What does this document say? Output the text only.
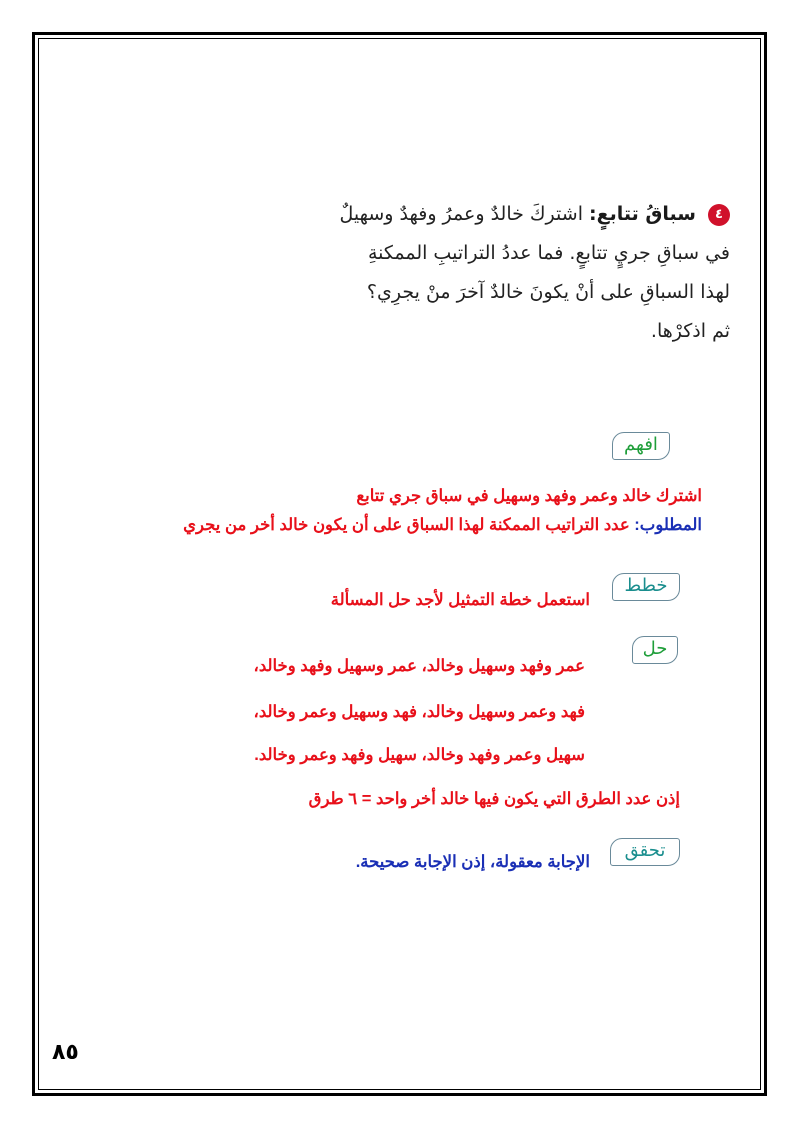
٤ سباقُ تتابعٍ: اشتركَ خالدٌ وعمرُ وفهدٌ وسهيلٌ

في سباقِ جريٍ تتابعٍ. فما عددُ التراتيبِ الممكنةِ

لهذا السباقِ على أنْ يكونَ خالدٌ آخرَ منْ يجرِي؟

ثم اذكرْها.

افهم
اشترك خالد وعمر وفهد وسهيل في سباق جري تتابع
المطلوب: عدد التراتيب الممكنة لهذا السباق على أن يكون خالد أخر من يجري
خطط
استعمل خطة التمثيل لأجد حل المسألة
حل
عمر وفهد وسهيل وخالد، عمر وسهيل وفهد وخالد،
فهد وعمر وسهيل وخالد، فهد وسهيل وعمر وخالد،
سهيل وعمر وفهد وخالد، سهيل وفهد وعمر وخالد.
إذن عدد الطرق التي يكون فيها خالد أخر واحد = ٦ طرق
تحقق
الإجابة معقولة، إذن الإجابة صحيحة.
٨٥
